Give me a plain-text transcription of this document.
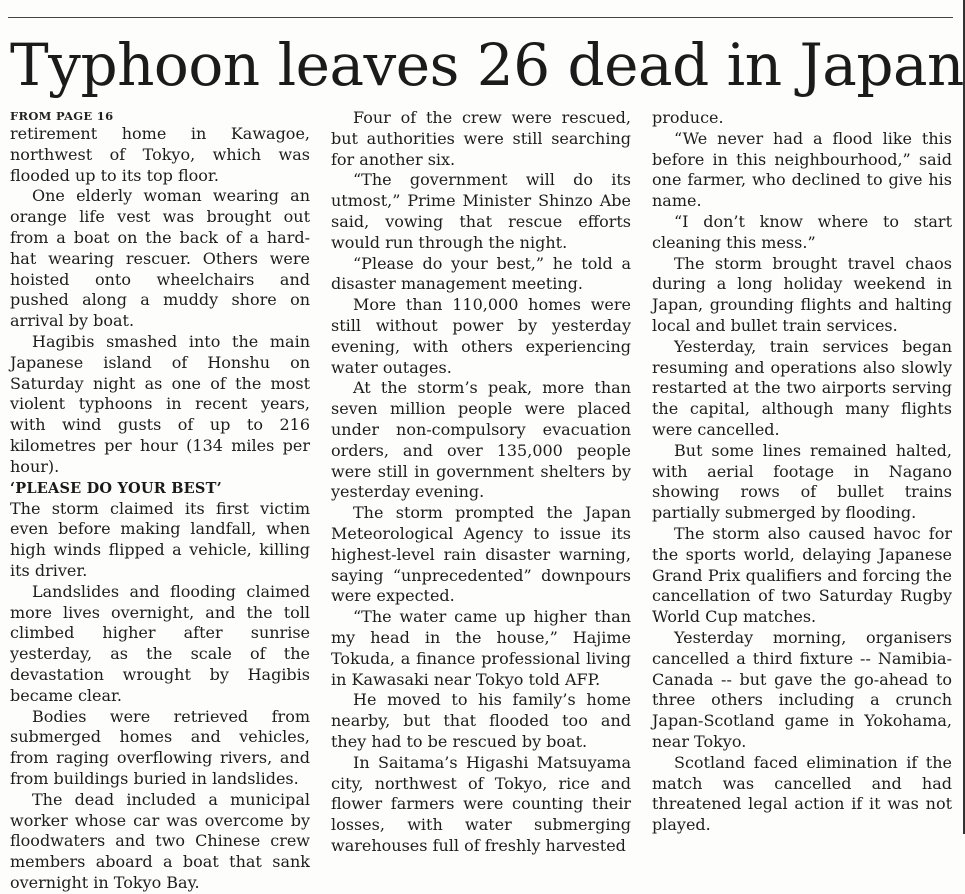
Typhoon leaves 26 dead in Japan
FROM PAGE 16

retirement home in Kawagoe, northwest of Tokyo, which was flooded up to its top floor.

One elderly woman wearing an orange life vest was brought out from a boat on the back of a hard-hat wearing rescuer. Others were hoisted onto wheelchairs and pushed along a muddy shore on arrival by boat.

Hagibis smashed into the main Japanese island of Honshu on Saturday night as one of the most violent typhoons in recent years, with wind gusts of up to 216 kilometres per hour (134 miles per hour).

‘PLEASE DO YOUR BEST’

The storm claimed its first victim even before making landfall, when high winds flipped a vehicle, killing its driver.

Landslides and flooding claimed more lives overnight, and the toll climbed higher after sunrise yesterday, as the scale of the devastation wrought by Hagibis became clear.

Bodies were retrieved from submerged homes and vehicles, from raging overflowing rivers, and from buildings buried in landslides.

The dead included a municipal worker whose car was overcome by floodwaters and two Chinese crew members aboard a boat that sank overnight in Tokyo Bay.

Four of the crew were rescued, but authorities were still searching for another six.

“The government will do its utmost,” Prime Minister Shinzo Abe said, vowing that rescue efforts would run through the night.

“Please do your best,” he told a disaster management meeting.

More than 110,000 homes were still without power by yesterday evening, with others experiencing water outages.

At the storm’s peak, more than seven million people were placed under non-compulsory evacuation orders, and over 135,000 people were still in government shelters by yesterday evening.

The storm prompted the Japan Meteorological Agency to issue its highest-level rain disaster warning, saying “unprecedented” downpours were expected.

“The water came up higher than my head in the house,” Hajime Tokuda, a finance professional living in Kawasaki near Tokyo told AFP.

He moved to his family’s home nearby, but that flooded too and they had to be rescued by boat.

In Saitama’s Higashi Matsuyama city, northwest of Tokyo, rice and flower farmers were counting their losses, with water submerging warehouses full of freshly harvested

produce.

“We never had a flood like this before in this neighbourhood,” said one farmer, who declined to give his name.

“I don’t know where to start cleaning this mess.”

The storm brought travel chaos during a long holiday weekend in Japan, grounding flights and halting local and bullet train services.

Yesterday, train services began resuming and operations also slowly restarted at the two airports serving the capital, although many flights were cancelled.

But some lines remained halted, with aerial footage in Nagano showing rows of bullet trains partially submerged by flooding.

The storm also caused havoc for the sports world, delaying Japanese Grand Prix qualifiers and forcing the cancellation of two Saturday Rugby World Cup matches.

Yesterday morning, organisers cancelled a third fixture -- Namibia-Canada -- but gave the go-ahead to three others including a crunch Japan-Scotland game in Yokohama, near Tokyo.

Scotland faced elimination if the match was cancelled and had threatened legal action if it was not played.
